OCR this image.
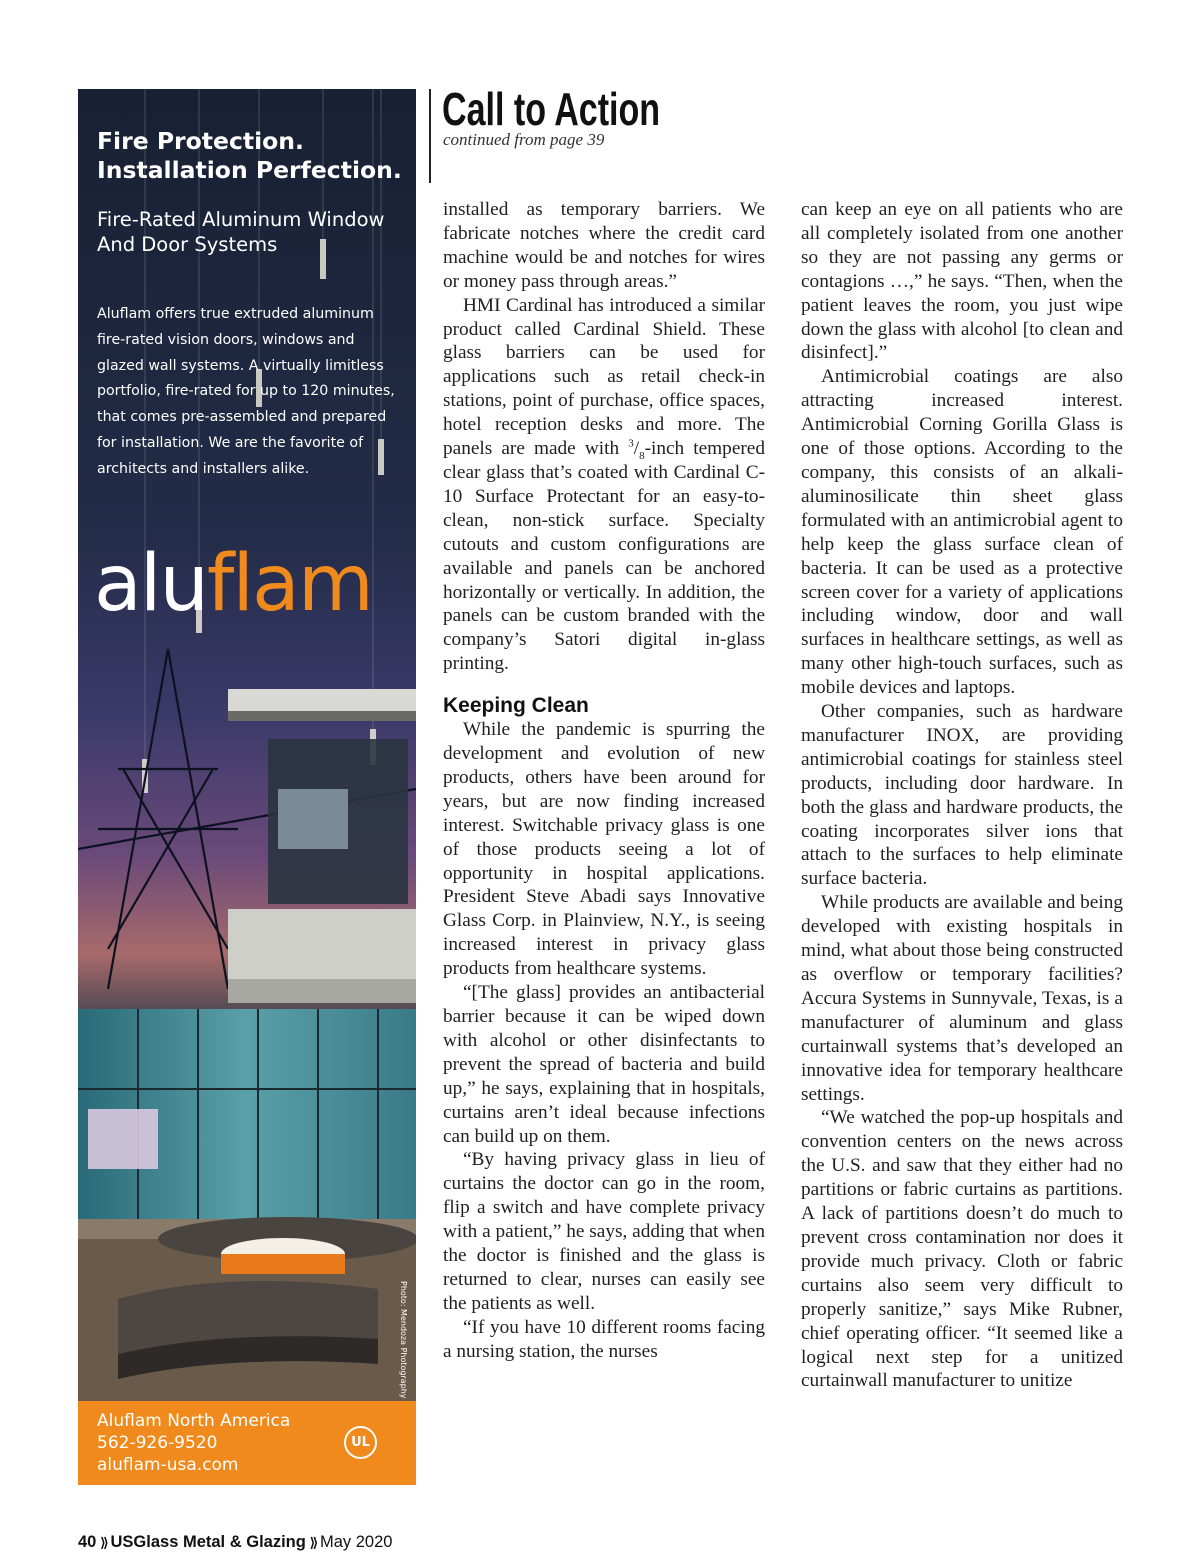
Fire Protection.
Installation Perfection.
Fire-Rated Aluminum Window
And Door Systems
Aluflam offers true extruded aluminum fire-rated vision doors, windows and glazed wall systems. A virtually limitless portfolio, fire-rated for up to 120 minutes, that comes pre-assembled and prepared for installation. We are the favorite of architects and installers alike.
aluflam
Photo: Mendoza Photography
Aluflam North America
562-926-9520
aluflam-usa.com
UL
Call to Action
continued from page 39

installed as temporary barriers. We fabricate notches where the credit card machine would be and notches for wires or money pass through areas.”

HMI Cardinal has introduced a similar product called Cardinal Shield. These glass barriers can be used for applications such as retail check-in stations, point of purchase, office spaces, hotel reception desks and more. The panels are made with $^3/_8$-inch tempered clear glass that’s coated with Cardinal C-10 Surface Protectant for an easy-to-clean, non-stick surface. Specialty cutouts and custom configurations are available and panels can be anchored horizontally or vertically. In addition, the panels can be custom branded with the company’s Satori digital in-glass printing.

Keeping Clean

While the pandemic is spurring the development and evolution of new products, others have been around for years, but are now finding increased interest. Switchable privacy glass is one of those products seeing a lot of opportunity in hospital applications. President Steve Abadi says Innovative Glass Corp. in Plainview, N.Y., is seeing increased interest in privacy glass products from healthcare systems.

“[The glass] provides an antibacterial barrier because it can be wiped down with alcohol or other disinfectants to prevent the spread of bacteria and build up,” he says, explaining that in hospitals, curtains aren’t ideal because infections can build up on them.

“By having privacy glass in lieu of curtains the doctor can go in the room, flip a switch and have complete privacy with a patient,” he says, adding that when the doctor is finished and the glass is returned to clear, nurses can easily see the patients as well.

“If you have 10 different rooms facing a nursing station, the nurses

can keep an eye on all patients who are all completely isolated from one another so they are not passing any germs or contagions …,” he says. “Then, when the patient leaves the room, you just wipe down the glass with alcohol [to clean and disinfect].”

Antimicrobial coatings are also attracting increased interest. Antimicrobial Corning Gorilla Glass is one of those options. According to the company, this consists of an alkali-aluminosilicate thin sheet glass formulated with an antimicrobial agent to help keep the glass surface clean of bacteria. It can be used as a protective screen cover for a variety of applications including window, door and wall surfaces in healthcare settings, as well as many other high-touch surfaces, such as mobile devices and laptops.

Other companies, such as hardware manufacturer INOX, are providing antimicrobial coatings for stainless steel products, including door hardware. In both the glass and hardware products, the coating incorporates silver ions that attach to the surfaces to help eliminate surface bacteria.

While products are available and being developed with existing hospitals in mind, what about those being constructed as overflow or temporary facilities? Accura Systems in Sunnyvale, Texas, is a manufacturer of aluminum and glass curtainwall systems that’s developed an innovative idea for temporary healthcare settings.

“We watched the pop-up hospitals and convention centers on the news across the U.S. and saw that they either had no partitions or fabric curtains as partitions. A lack of partitions doesn’t do much to prevent cross contamination nor does it provide much privacy. Cloth or fabric curtains also seem very difficult to properly sanitize,” says Mike Rubner, chief operating officer. “It seemed like a logical next step for a unitized curtainwall manufacturer to unitize

40 ⟩⟩ USGlass Metal & Glazing ⟩⟩ May 2020
